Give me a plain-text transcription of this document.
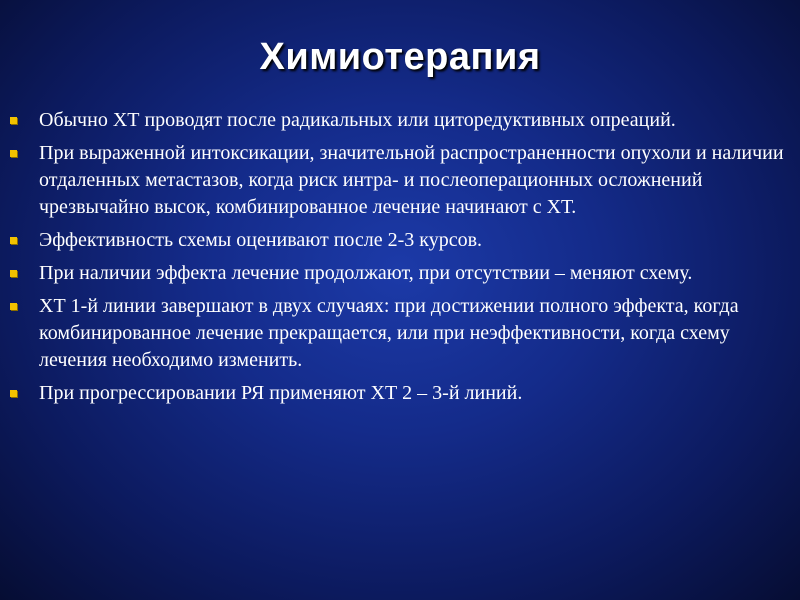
Химиотерапия
Обычно ХТ проводят после радикальных или циторедуктивных опреаций.
При выраженной интоксикации, значительной распространенности опухоли и наличии отдаленных метастазов, когда риск интра- и послеоперационных осложнений чрезвычайно высок, комбинированное лечение начинают с ХТ.
Эффективность схемы оценивают после 2-3 курсов.
При наличии эффекта лечение продолжают, при отсутствии – меняют схему.
ХТ 1-й линии завершают в двух случаях: при достижении полного эффекта, когда комбинированное лечение прекращается, или при неэффективности, когда схему лечения необходимо изменить.
При прогрессировании РЯ применяют ХТ 2 – 3-й линий.
